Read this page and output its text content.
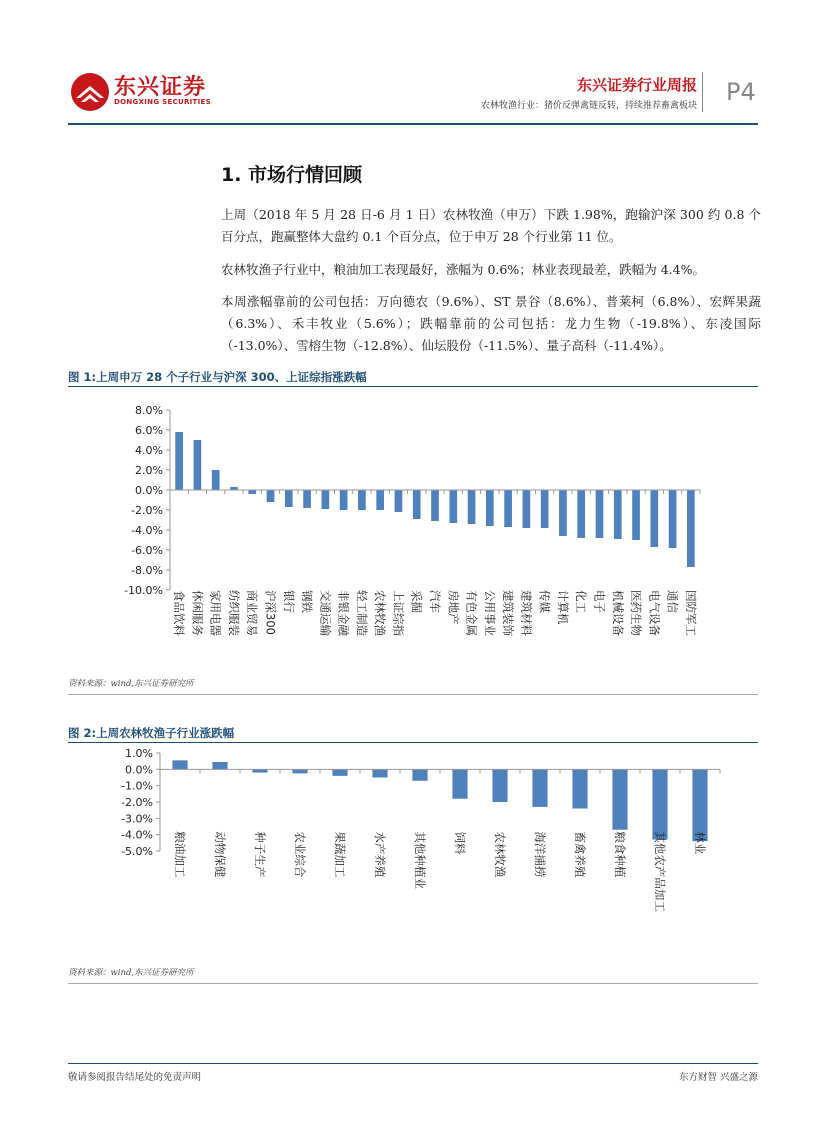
东兴证券
DONGXING SECURITIES
东兴证券行业周报
农林牧渔行业：猪价反弹禽链反转，持续推荐畜禽板块 P4
1. 市场行情回顾
上周（2018 年 5 月 28 日-6 月 1 日）农林牧渔（申万）下跌 1.98%，跑输沪深 300 约 0.8 个百分点，跑赢整体大盘约 0.1 个百分点，位于申万 28 个行业第 11 位。
农林牧渔子行业中，粮油加工表现最好，涨幅为 0.6%；林业表现最差，跌幅为 4.4%。
本周涨幅靠前的公司包括：万向德农（9.6%）、ST 景谷（8.6%）、普莱柯（6.8%）、宏辉果蔬（6.3%）、禾丰牧业（5.6%）；跌幅靠前的公司包括：龙力生物（-19.8%）、东凌国际（-13.0%）、雪榕生物（-12.8%）、仙坛股份（-11.5%）、量子高科（-11.4%）。
图 1:上周申万 28 个子行业与沪深 300、上证综指涨跌幅
8.0%
6.0%
4.0%
2.0%
0.0%
-2.0%
-4.0%
-6.0%
-8.0%
-10.0% 食品饮料 休闲服务 家用电器 纺织服装 商业贸易 沪深300 银行 钢铁 交通运输 非银金融 轻工制造 农林牧渔 上证综指 采掘 汽车 房地产 有色金属 公用事业 建筑装饰 建筑材料 传媒 计算机 化工 电子 机械设备 医药生物 电气设备 通信 国防军工
资料来源：wind,东兴证券研究所
图 2:上周农林牧渔子行业涨跌幅
1.0%
0.0%
-1.0%
-2.0%
-3.0%
-4.0%
-5.0% 粮油加工 动物保健 种子生产 农业综合 果蔬加工 水产养殖 其他种植业 饲料 农林牧渔 海洋捕捞 畜禽养殖 粮食种植 其他农产品加工 林业
资料来源：wind,东兴证券研究所
敬请参阅报告结尾处的免责声明	东方财智 兴盛之源
